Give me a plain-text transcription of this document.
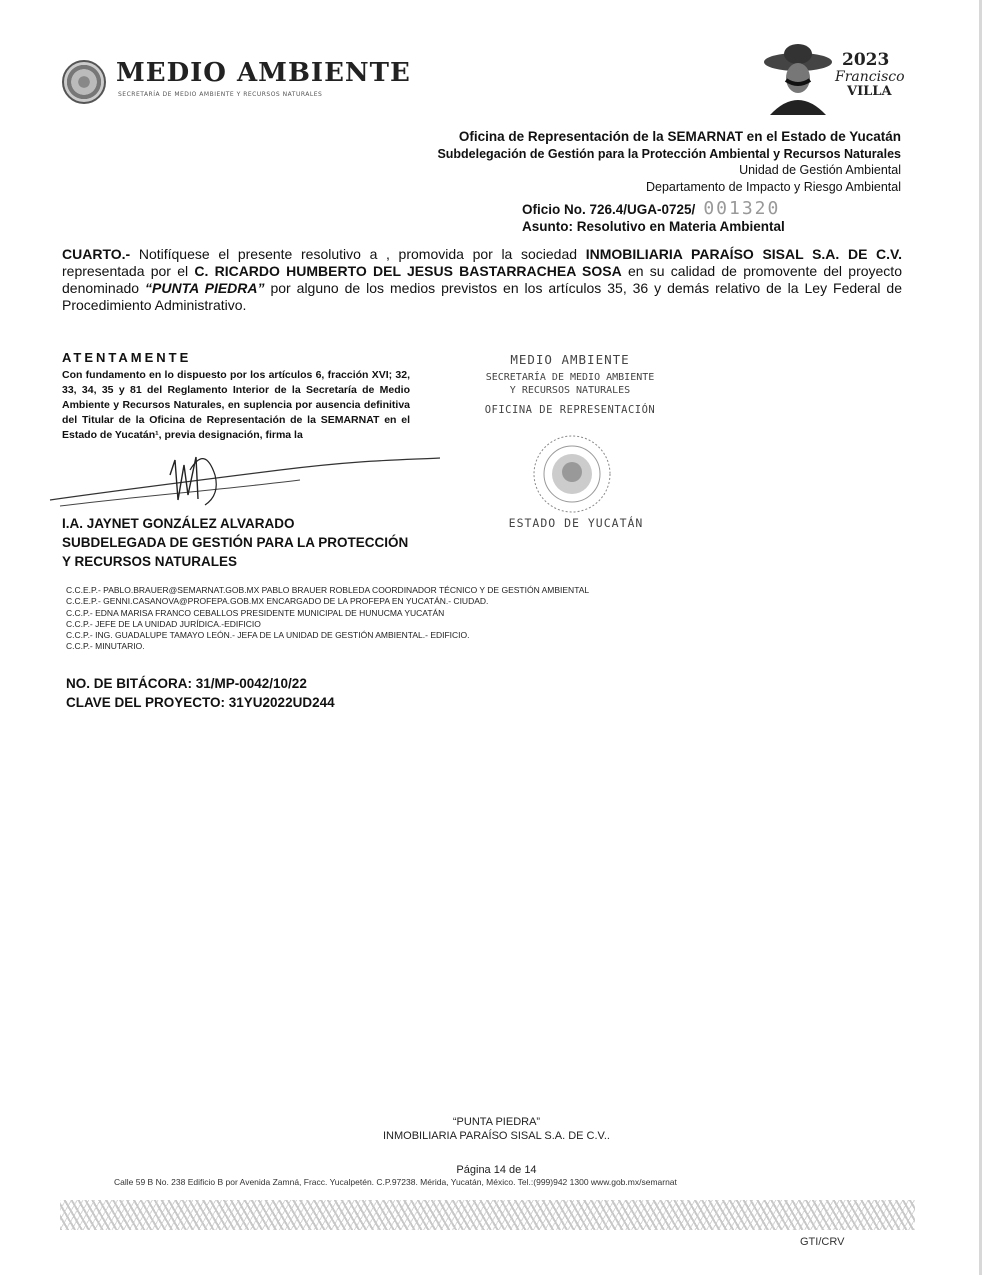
MEDIO AMBIENTE
SECRETARÍA DE MEDIO AMBIENTE Y RECURSOS NATURALES
2023
Francisco
VILLA
Oficina de Representación de la SEMARNAT en el Estado de Yucatán
Subdelegación de Gestión para la Protección Ambiental y Recursos Naturales
Unidad de Gestión Ambiental
Departamento de Impacto y Riesgo Ambiental
Oficio No. 726.4/UGA-0725/ 001320
Asunto: Resolutivo en Materia Ambiental
CUARTO.- Notifíquese el presente resolutivo a , promovida por la sociedad INMOBILIARIA PARAÍSO SISAL S.A. DE C.V. representada por el C. RICARDO HUMBERTO DEL JESUS BASTARRACHEA SOSA en su calidad de promovente del proyecto denominado “PUNTA PIEDRA” por alguno de los medios previstos en los artículos 35, 36 y demás relativo de la Ley Federal de Procedimiento Administrativo.
ATENTAMENTE
Con fundamento en lo dispuesto por los artículos 6, fracción XVI; 32, 33, 34, 35 y 81 del Reglamento Interior de la Secretaría de Medio Ambiente y Recursos Naturales, en suplencia por ausencia definitiva del Titular de la Oficina de Representación de la SEMARNAT en el Estado de Yucatán¹, previa designación, firma la
I.A. JAYNET GONZÁLEZ ALVARADO
SUBDELEGADA DE GESTIÓN PARA LA PROTECCIÓN
Y RECURSOS NATURALES
MEDIO AMBIENTE
SECRETARÍA DE MEDIO AMBIENTE
Y RECURSOS NATURALES
OFICINA DE REPRESENTACIÓN
ESTADO DE YUCATÁN
C.C.E.P.- PABLO.BRAUER@SEMARNAT.GOB.MX PABLO BRAUER ROBLEDA COORDINADOR TÉCNICO Y DE GESTIÓN AMBIENTAL
C.C.E.P.- GENNI.CASANOVA@PROFEPA.GOB.MX ENCARGADO DE LA PROFEPA EN YUCATÁN.- CIUDAD.
C.C.P.- EDNA MARISA FRANCO CEBALLOS PRESIDENTE MUNICIPAL DE HUNUCMA YUCATÁN
C.C.P.- JEFE DE LA UNIDAD JURÍDICA.-EDIFICIO
C.C.P.- ING. GUADALUPE TAMAYO LEÓN.- JEFA DE LA UNIDAD DE GESTIÓN AMBIENTAL.- EDIFICIO.
C.C.P.- MINUTARIO.
NO. DE BITÁCORA: 31/MP-0042/10/22
CLAVE DEL PROYECTO: 31YU2022UD244
“PUNTA PIEDRA”
INMOBILIARIA PARAÍSO SISAL S.A. DE C.V..
Página 14 de 14
Calle 59 B No. 238 Edificio B por Avenida Zamná, Fracc. Yucalpetén. C.P.97238. Mérida, Yucatán, México. Tel.:(999)942 1300 www.gob.mx/semarnat
GTI/CRV
